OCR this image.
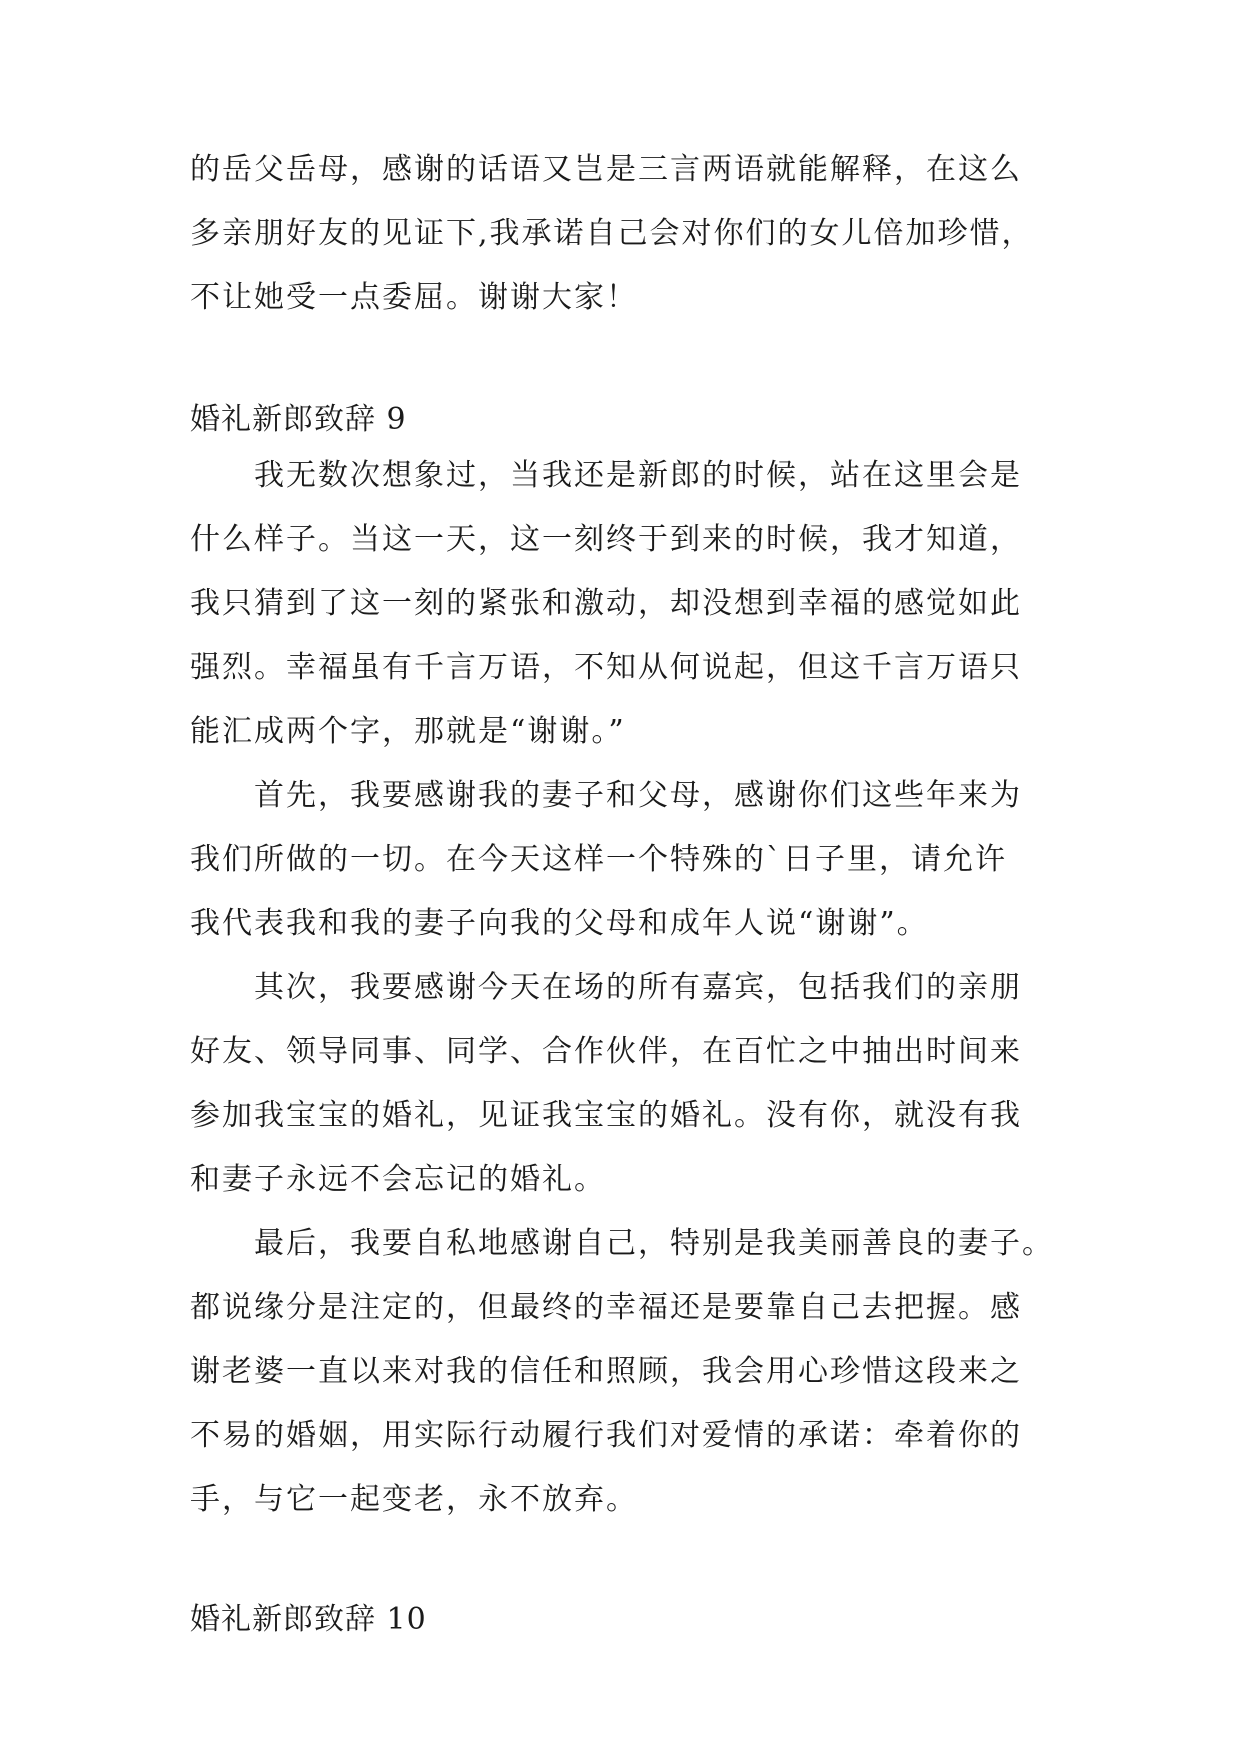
的岳父岳母，感谢的话语又岂是三言两语就能解释，在这么
多亲朋好友的见证下,我承诺自己会对你们的女儿倍加珍惜，
不让她受一点委屈。谢谢大家！
婚礼新郎致辞 9
　　我无数次想象过，当我还是新郎的时候，站在这里会是
什么样子。当这一天，这一刻终于到来的时候，我才知道，
我只猜到了这一刻的紧张和激动，却没想到幸福的感觉如此
强烈。幸福虽有千言万语，不知从何说起，但这千言万语只
能汇成两个字，那就是“谢谢。”
　　首先，我要感谢我的妻子和父母，感谢你们这些年来为
我们所做的一切。在今天这样一个特殊的`日子里，请允许
我代表我和我的妻子向我的父母和成年人说“谢谢”。
　　其次，我要感谢今天在场的所有嘉宾，包括我们的亲朋
好友、领导同事、同学、合作伙伴，在百忙之中抽出时间来
参加我宝宝的婚礼，见证我宝宝的婚礼。没有你，就没有我
和妻子永远不会忘记的婚礼。
　　最后，我要自私地感谢自己，特别是我美丽善良的妻子。
都说缘分是注定的，但最终的幸福还是要靠自己去把握。感
谢老婆一直以来对我的信任和照顾，我会用心珍惜这段来之
不易的婚姻，用实际行动履行我们对爱情的承诺：牵着你的
手，与它一起变老，永不放弃。
婚礼新郎致辞 10
